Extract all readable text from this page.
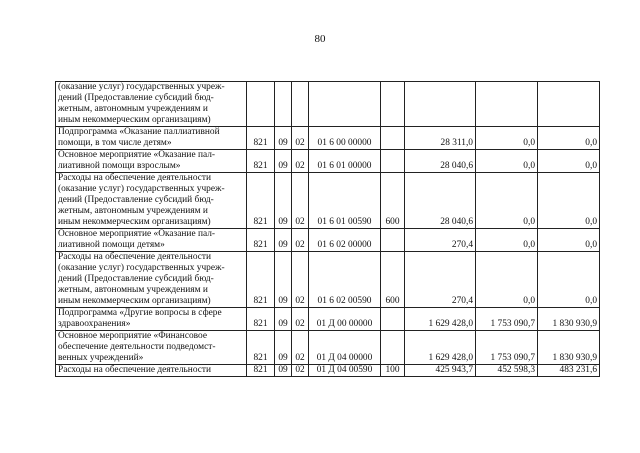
80
(оказание услуг) государственных учреж-
дений (Предоставление субсидий бюд-
жетным, автономным учреждениям и
иным некоммерческим организациям)								

Подпрограмма «Оказание паллиативной
помощи, в том числе детям»	821	09	02	01 6 00 00000		28 311,0	0,0	0,0

Основное мероприятие «Оказание пал-
лиативной помощи взрослым»	821	09	02	01 6 01 00000		28 040,6	0,0	0,0

Расходы на обеспечение деятельности
(оказание услуг) государственных учреж-
дений (Предоставление субсидий бюд-
жетным, автономным учреждениям и
иным некоммерческим организациям)	821	09	02	01 6 01 00590	600	28 040,6	0,0	0,0

Основное мероприятие «Оказание пал-
лиативной помощи детям»	821	09	02	01 6 02 00000		270,4	0,0	0,0

Расходы на обеспечение деятельности
(оказание услуг) государственных учреж-
дений (Предоставление субсидий бюд-
жетным, автономным учреждениям и
иным некоммерческим организациям)	821	09	02	01 6 02 00590	600	270,4	0,0	0,0

Подпрограмма «Другие вопросы в сфере
здравоохранения»	821	09	02	01 Д 00 00000		1 629 428,0	1 753 090,7	1 830 930,9

Основное мероприятие «Финансовое
обеспечение деятельности подведомст-
венных учреждений»	821	09	02	01 Д 04 00000		1 629 428,0	1 753 090,7	1 830 930,9

Расходы на обеспечение деятельности	821	09	02	01 Д 04 00590	100	425 943,7	452 598,3	483 231,6
